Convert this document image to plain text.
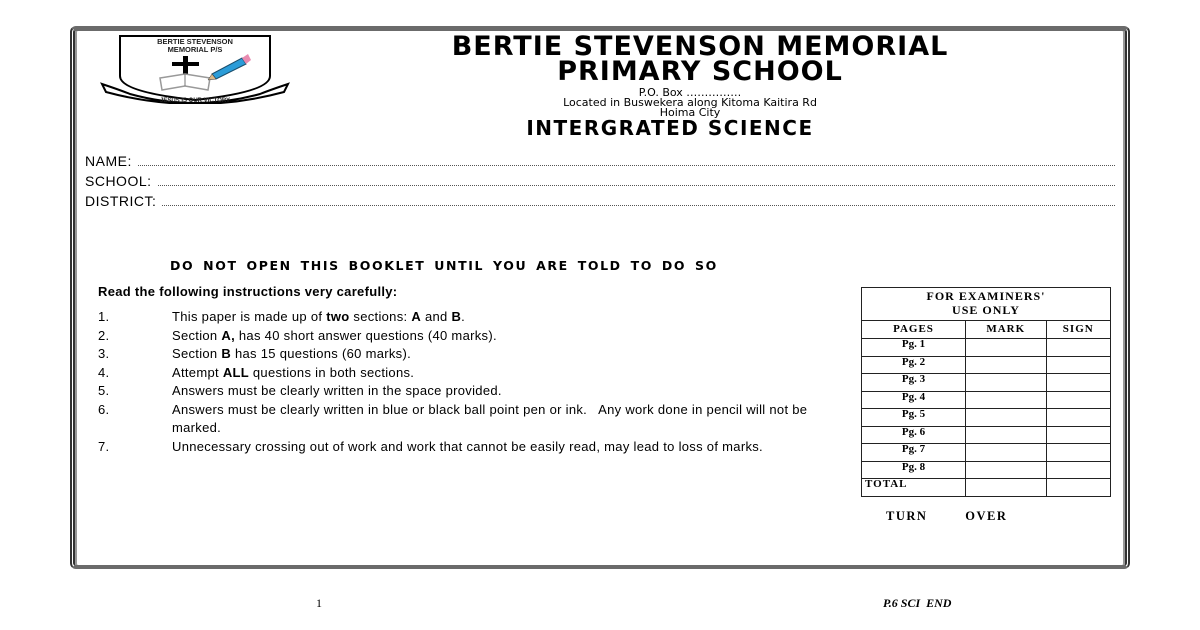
BERTIE STEVENSON
MEMORIAL P/S
JESUS IS OUR VICTORY
BERTIE STEVENSON MEMORIAL
PRIMARY SCHOOL
P.O. Box ……………
Located in Buswekera along Kitoma Kaitira Rd
Hoima City
INTERGRATED SCIENCE
NAME:
SCHOOL:
DISTRICT:
DO NOT OPEN THIS BOOKLET UNTIL YOU ARE TOLD TO DO SO
Read the following instructions very carefully:
1.	This paper is made up of two sections: A and B.
2.	Section A, has 40 short answer questions (40 marks).
3.	Section B has 15 questions (60 marks).
4.	Attempt ALL questions in both sections.
5.	Answers must be clearly written in the space provided.
6.	Answers must be clearly written in blue or black ball point pen or ink.   Any work done in pencil will not be marked.
7.	Unnecessary crossing out of work and work that cannot be easily read, may lead to loss of marks.
FOR EXAMINERS'
USE ONLY		

PAGES	MARK	SIGN
Pg. 1		
Pg. 2		
Pg. 3		
Pg. 4		
Pg. 5		
Pg. 6		
Pg. 7		
Pg. 8		
TOTAL		
TURN   OVER
1	P.6 SCI  END
